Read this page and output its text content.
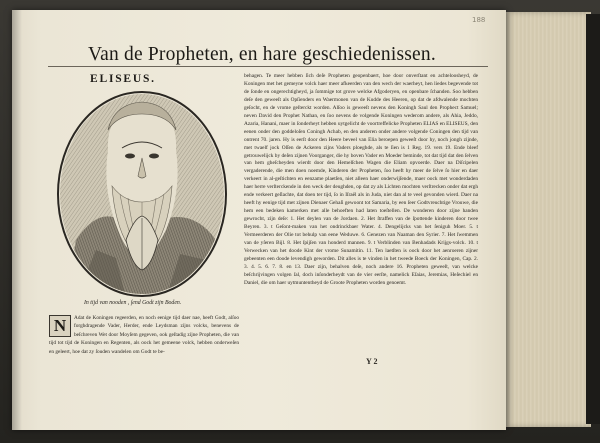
188
Van de Propheten, en hare geschiedenissen.
ELISEUS.
In tijd van nooden , ſend Godt zijn Boden.
N	Adat de Koningen regeerden, en noch eenige tijd daer nae, heeft Godt, alſoo forghdragende Vader, Herder, ende Leydsman zijns volcks, benevens de beſchreven Wet door Moyſem gegeven, ook geſtadig zijne Propheten, die van tijd tot tijd de Koningen en Regenten, als oock het gemeene volck, hebben onderweſen en geleert, hoe dat zy ſouden wandelen om Godt te be-
behagen. Te meer hebben ſich deſe Propheten geopenbaert, hoe door onverſtant en achteloosheyd, de Koningen met het gemeyne volck haer meer afkeerden van den wech der waerheyt, hen liedes begevende tot de ſonde en ongerechtigheyd, ja ſommige tot grove welcke Afgoderyen, en openbare ſchanden. Soo hebben deſe den geweeſt als Opſienders en Waermonen van de Kudde des Heeren, op dat de afdwalende mochten geſocht, en de vrome geſterckt worden. Alſoo is geweeſt nevens den Koningh Saul den Prophect Samuel; neven David den Prophet Nathan, en ſoo nevens de volgende Koningen wederom andere, als Ahia, Jeddo, Azaria, Hanani, maer in ſonderheyt hebben uytgelicht de voortreffelicke Propheten ELIAS en ELISEUS, den eenen onder den goddeloſen Coningh Achab, en den anderen onder andere volgende Coningen den tijd van ontrent 70. jaren. Hy is eerſt door den Heere beveel van Elia beroepen geweeſt door hy, noch jongh zijnde, met twaelf jock Oſſen de Ackeren zijns Vaders ploeghde, als te ſien is 1 Reg. 19. vers 19. Ende bleef getrouwelijck by deſen zijnen Voorganger, die hy boven Vader en Moeder beminde, tot dat tijd dat den ſelven van hem gheſcheyden wierdt door den Hemelſchen Wagen die Eliam opvoerde. Daer na Diſcipelen vergaderende, die men doen noemde, Kinderen der Propheten, ſoo heeft hy meer de ſelve ſo hier en daer verkeert in al-geſtichten en eenzame plaetſen, niet alleen haer onderwijſende, maer oock met wonderdaden haer herre verſterckende in den weck der deughden, op dat zy als Lichten mochten verſtrecken onder dat ergh ende verkeert geſlachte, dat doen ter tijd, ſo in Iſraël als in Juda, niet dan al te veel gevonden wierd. Daer na heeft hy eenige tijd met zijnen Dienaer Gehaſi gewoont tot Samaria, by een ſeer Godtvreuchtige Vrouwe, die hem een bedeken kamerken met alle behoeften had laten toeſtellen. De wonderen door zijne handen gewrocht, zijn deſe: 1. Het deylen van de Jordaen. 2. Het ſtraffen van de ſpottende kinderen door twee Beyren. 3. t Geſont-maken van het ondrinckbaer Water. 4. Dengelijcks van het ſeniguh Moer. 5. t Vermeerderen der Olie tot behulp van eene Weduwe. 6. Genezen van Naaman den Syrier. 7. Het ſwemmen van de yſeren Bijl. 8. Het ſpijſen van honderd mannen. 9. t Verblinden van Benhadads Krijgs-volck. 10. t Verwecken van het doode Kint der vrome Sunamitin. 11. Ten laetſten is oock door het aenroeren zijner gebeenten een doode levendigh geworden. Dit alles is te vinden in het tweede Boeck der Koningen, Cap. 2. 3. 4. 5. 6. 7. 8. en 13. Daer zijn, behalven deſe, noch andere 16. Propheten geweeſt, van welcke beſchrijvingen volgen ſal, doch inſonderheydt van de vier eerſte, namelick Eſaias, Jeremias, Heſechiel en Daniel, die om haer uytmuntentheyd de Groote Propheten worden genoemt.
Y 2
